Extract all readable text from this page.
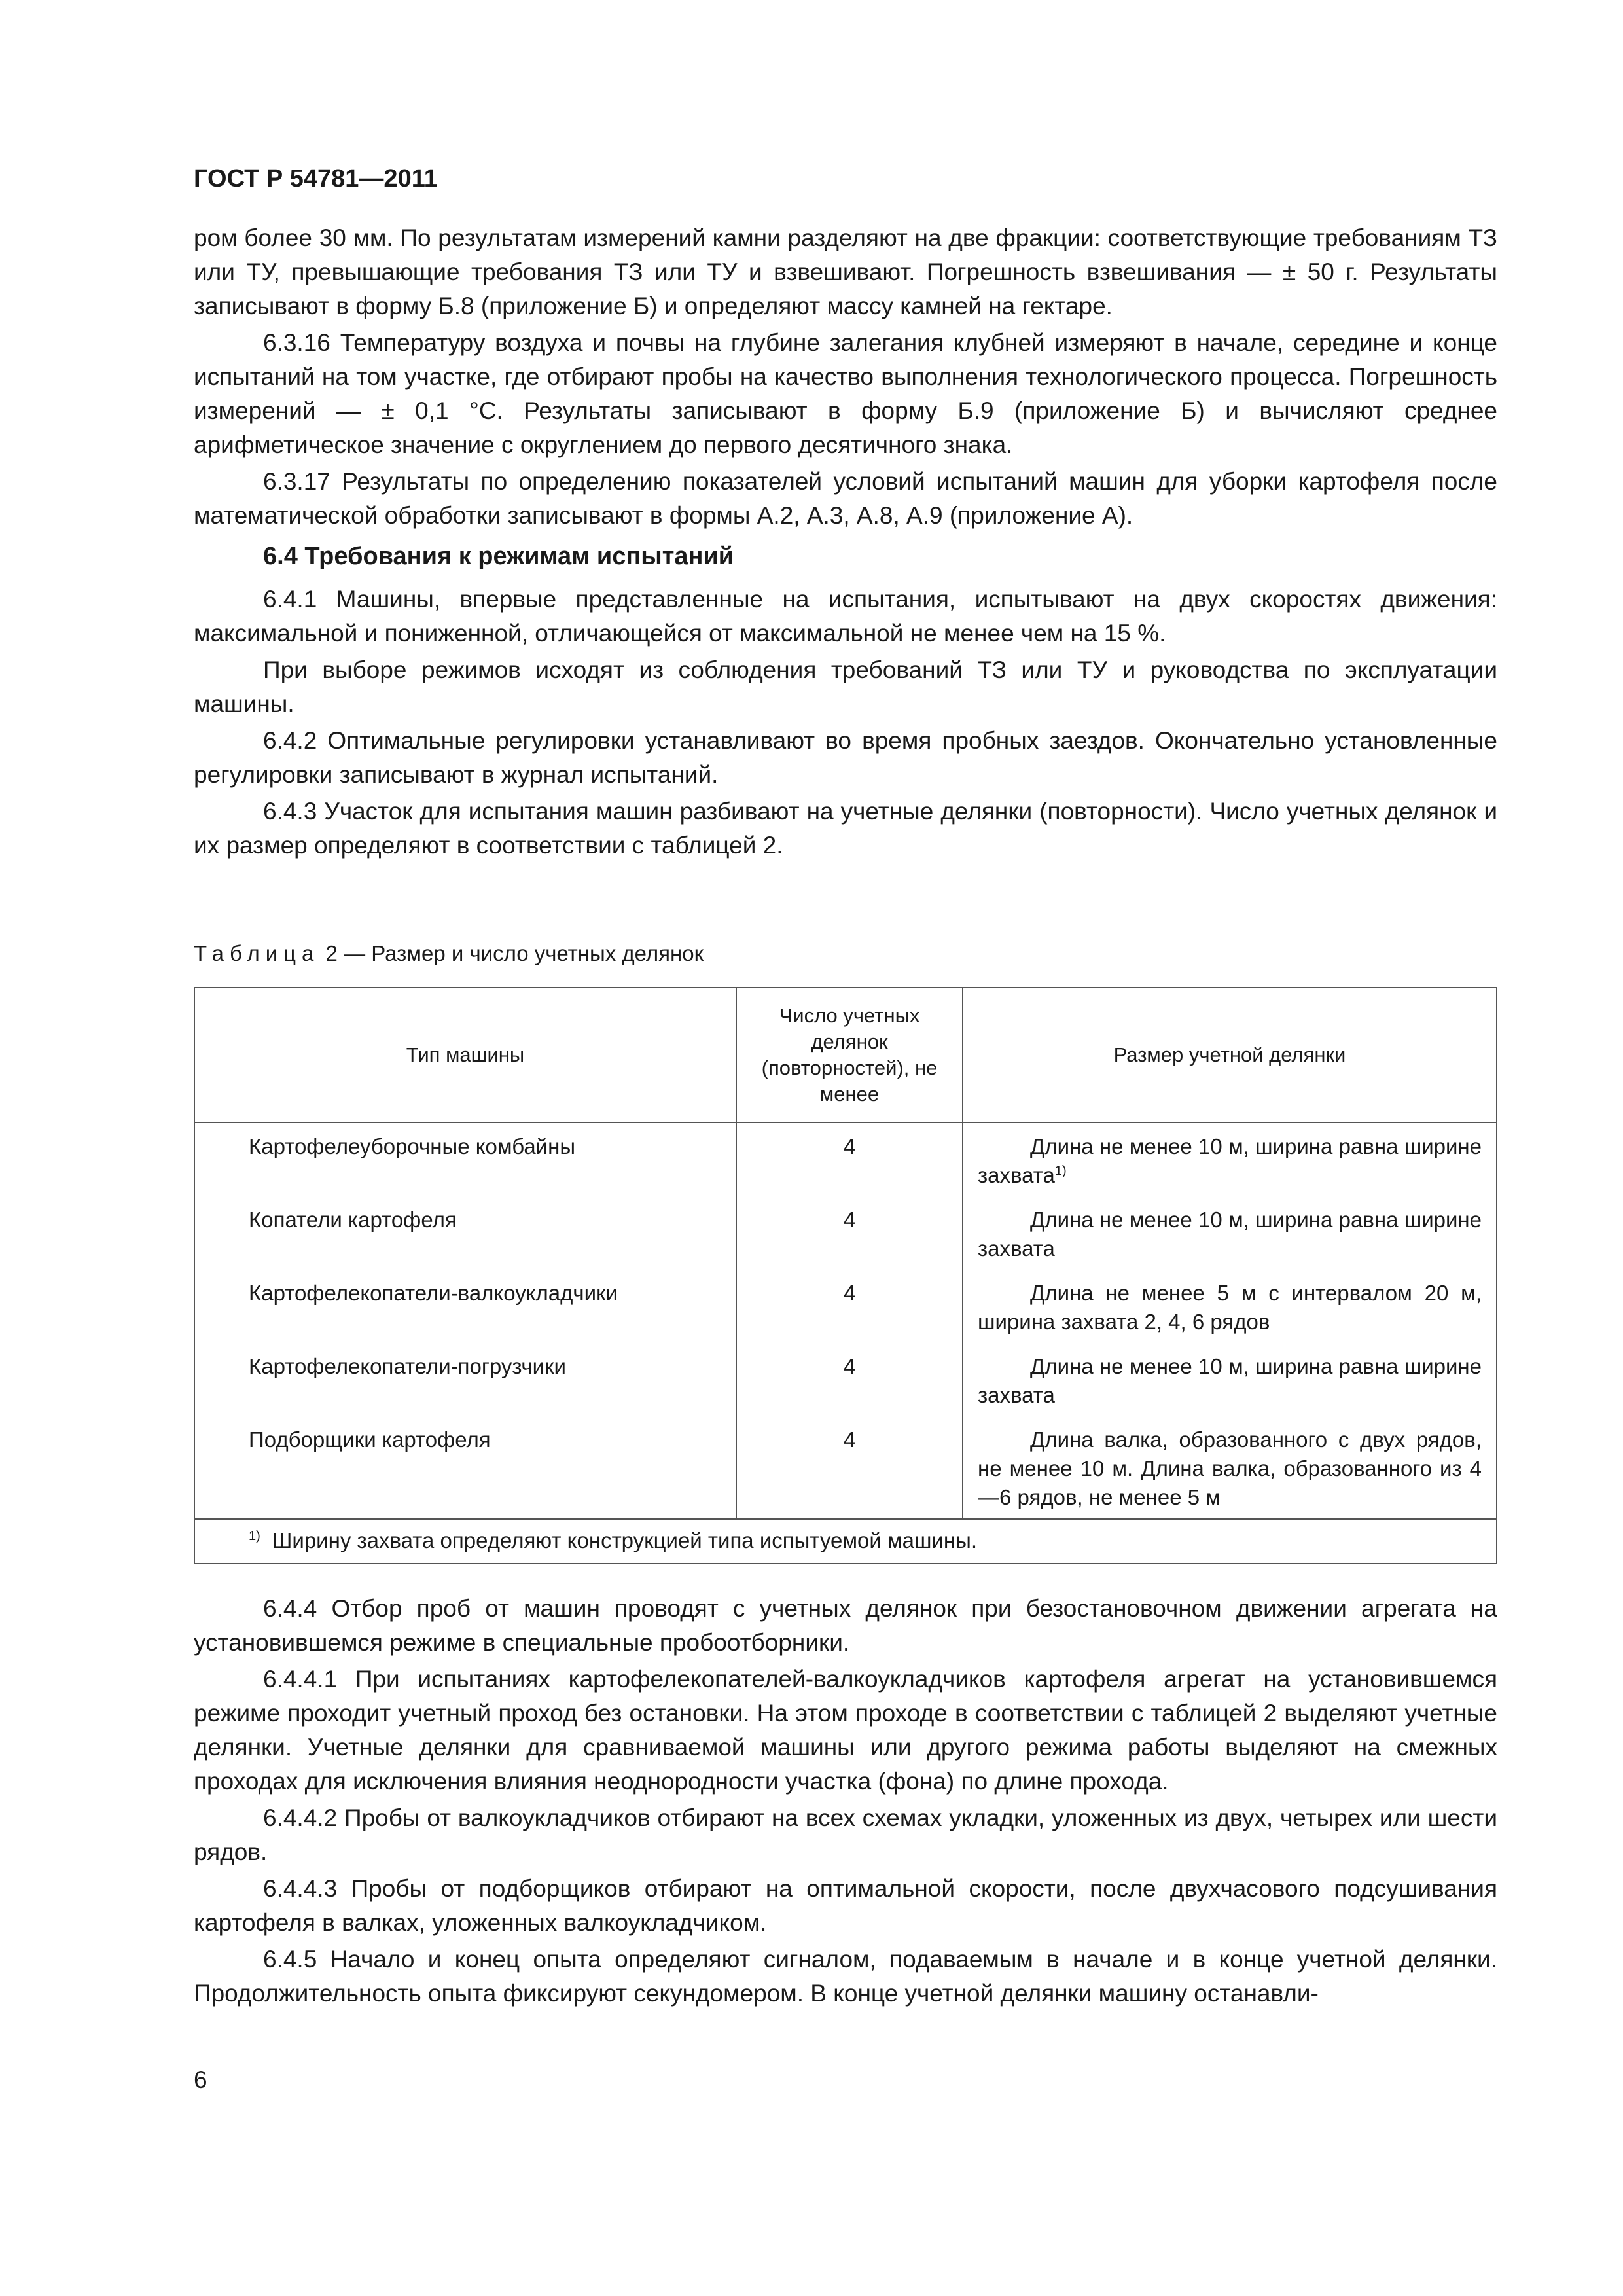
ГОСТ Р 54781—2011

ром более 30 мм. По результатам измерений камни разделяют на две фракции: соответствующие требованиям ТЗ или ТУ, превышающие требования ТЗ или ТУ и взвешивают. Погрешность взвешивания — ± 50 г. Результаты записывают в форму Б.8 (приложение Б) и определяют массу камней на гектаре.

6.3.16 Температуру воздуха и почвы на глубине залегания клубней измеряют в начале, середине и конце испытаний на том участке, где отбирают пробы на качество выполнения технологического процесса. Погрешность измерений — ± 0,1 °С. Результаты записывают в форму Б.9 (приложение Б) и вычисляют среднее арифметическое значение с округлением до первого десятичного знака.

6.3.17 Результаты по определению показателей условий испытаний машин для уборки картофеля после математической обработки записывают в формы А.2, А.3, А.8, А.9 (приложение А).

6.4 Требования к режимам испытаний

6.4.1 Машины, впервые представленные на испытания, испытывают на двух скоростях движения: максимальной и пониженной, отличающейся от максимальной не менее чем на 15 %.

При выборе режимов исходят из соблюдения требований ТЗ или ТУ и руководства по эксплуатации машины.

6.4.2 Оптимальные регулировки устанавливают во время пробных заездов. Окончательно установленные регулировки записывают в журнал испытаний.

6.4.3 Участок для испытания машин разбивают на учетные делянки (повторности). Число учетных делянок и их размер определяют в соответствии с таблицей 2.

Таблица 2 — Размер и число учетных делянок
Тип машины	Число учетных делянок (повторностей), не менее	Размер учетной делянки
Картофелеуборочные комбайны	4	Длина не менее 10 м, ширина равна ширине захвата$^{1)}$
Копатели картофеля	4	Длина не менее 10 м, ширина равна ширине захвата
Картофелекопатели-валкоукладчики	4	Длина не менее 5 м с интервалом 20 м, ширина захвата 2, 4, 6 рядов
Картофелекопатели-погрузчики	4	Длина не менее 10 м, ширина равна ширине захвата
Подборщики картофеля	4	Длина валка, образованного с двух рядов, не менее 10 м. Длина валка, образованного из 4—6 рядов, не менее 5 м
$^{1)}$ Ширину захвата определяют конструкцией типа испытуемой машины.		

6.4.4 Отбор проб от машин проводят с учетных делянок при безостановочном движении агрегата на установившемся режиме в специальные пробоотборники.

6.4.4.1 При испытаниях картофелекопателей-валкоукладчиков картофеля агрегат на установившемся режиме проходит учетный проход без остановки. На этом проходе в соответствии с таблицей 2 выделяют учетные делянки. Учетные делянки для сравниваемой машины или другого режима работы выделяют на смежных проходах для исключения влияния неоднородности участка (фона) по длине прохода.

6.4.4.2 Пробы от валкоукладчиков отбирают на всех схемах укладки, уложенных из двух, четырех или шести рядов.

6.4.4.3 Пробы от подборщиков отбирают на оптимальной скорости, после двухчасового подсушивания картофеля в валках, уложенных валкоукладчиком.

6.4.5 Начало и конец опыта определяют сигналом, подаваемым в начале и в конце учетной делянки. Продолжительность опыта фиксируют секундомером. В конце учетной делянки машину останавли-

6
